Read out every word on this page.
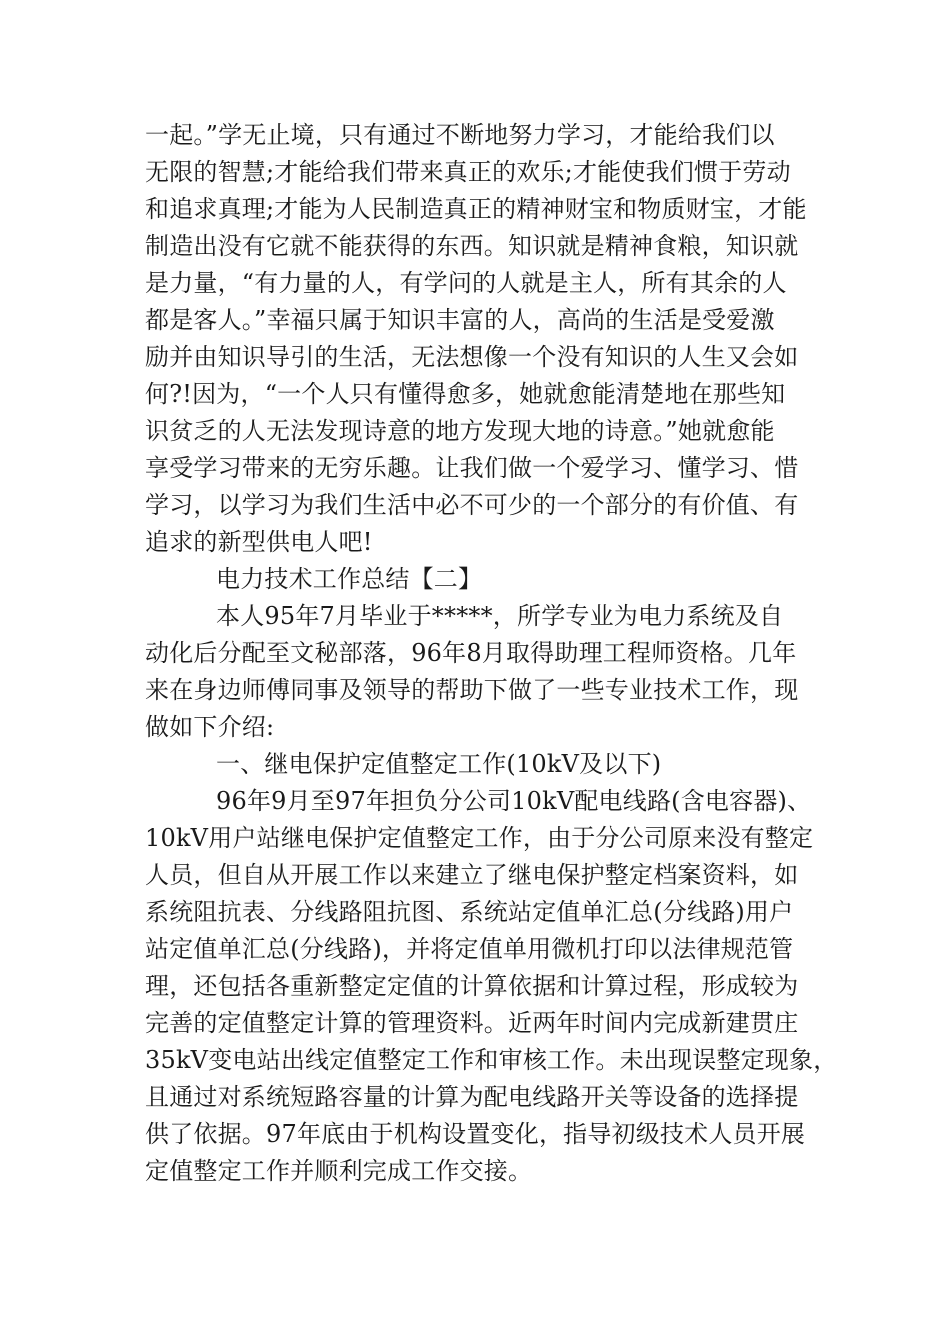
一起。”学无止境，只有通过不断地努力学习，才能给我们以
无限的智慧;才能给我们带来真正的欢乐;才能使我们惯于劳动
和追求真理;才能为人民制造真正的精神财宝和物质财宝，才能
制造出没有它就不能获得的东西。知识就是精神食粮，知识就
是力量，“有力量的人，有学问的人就是主人，所有其余的人
都是客人。”幸福只属于知识丰富的人，高尚的生活是受爱激
励并由知识导引的生活，无法想像一个没有知识的人生又会如
何?!因为，“一个人只有懂得愈多，她就愈能清楚地在那些知
识贫乏的人无法发现诗意的地方发现大地的诗意。”她就愈能
享受学习带来的无穷乐趣。让我们做一个爱学习、懂学习、惜
学习，以学习为我们生活中必不可少的一个部分的有价值、有
追求的新型供电人吧!
电力技术工作总结【二】
本人95年7月毕业于*****，所学专业为电力系统及自
动化后分配至文秘部落，96年8月取得助理工程师资格。几年
来在身边师傅同事及领导的帮助下做了一些专业技术工作，现
做如下介绍:
一、继电保护定值整定工作(10kV及以下)
96年9月至97年担负分公司10kV配电线路(含电容器)、
10kV用户站继电保护定值整定工作，由于分公司原来没有整定
人员，但自从开展工作以来建立了继电保护整定档案资料，如
系统阻抗表、分线路阻抗图、系统站定值单汇总(分线路)用户
站定值单汇总(分线路)，并将定值单用微机打印以法律规范管
理，还包括各重新整定定值的计算依据和计算过程，形成较为
完善的定值整定计算的管理资料。近两年时间内完成新建贯庄
35kV变电站出线定值整定工作和审核工作。未出现误整定现象，
且通过对系统短路容量的计算为配电线路开关等设备的选择提
供了依据。97年底由于机构设置变化，指导初级技术人员开展
定值整定工作并顺利完成工作交接。
